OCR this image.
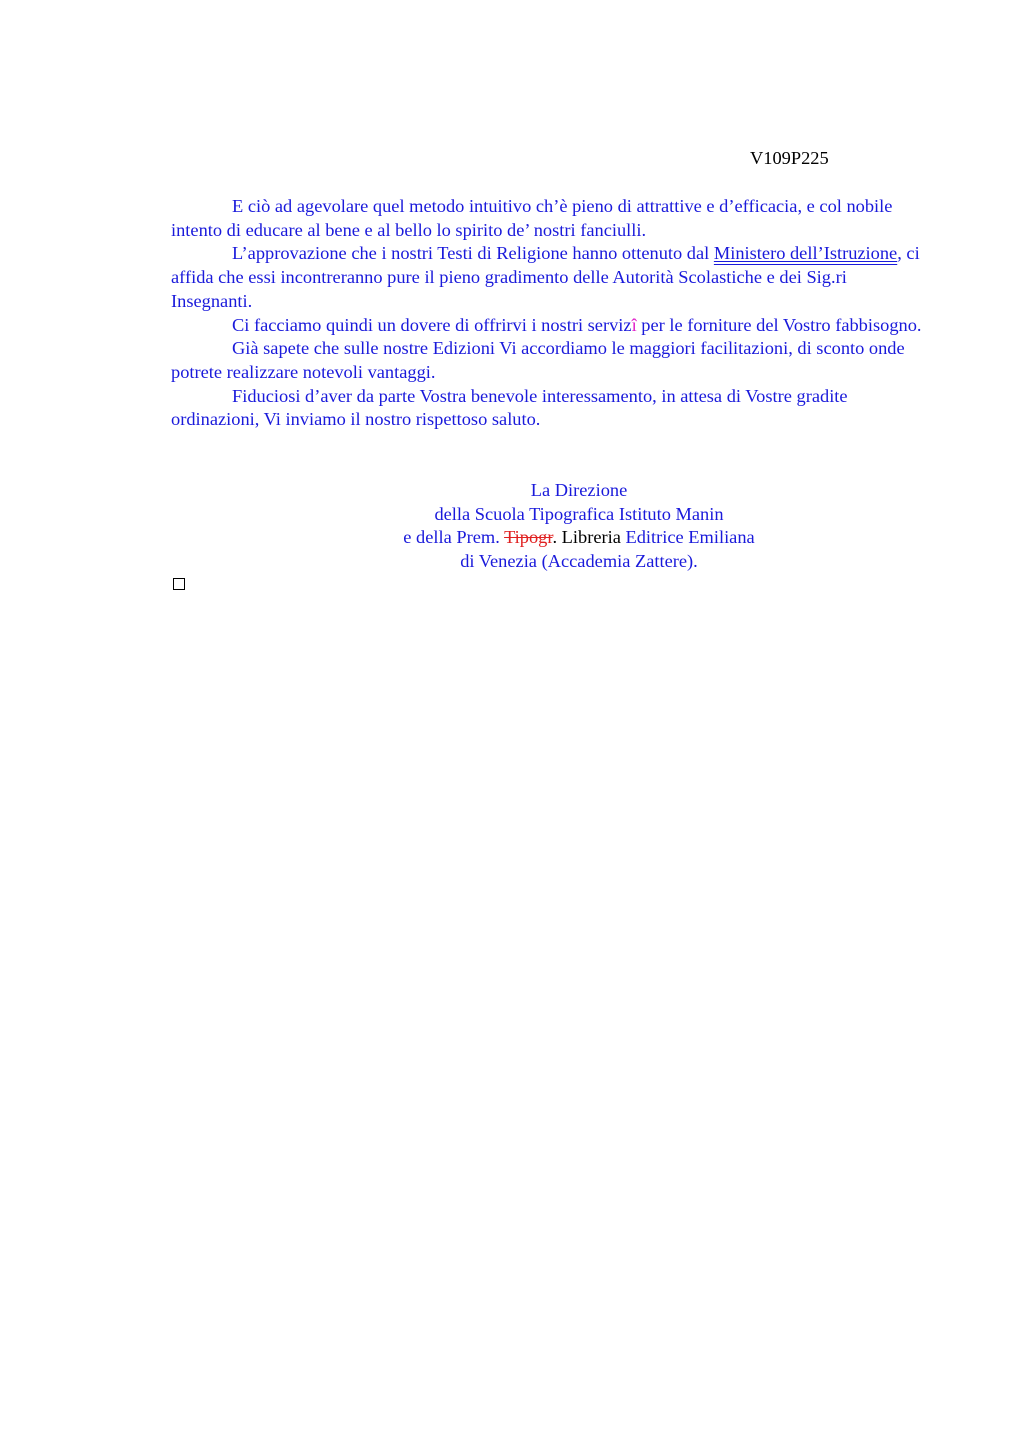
V109P225

E ciò ad agevolare quel metodo intuitivo ch’è pieno di attrattive e d’efficacia, e col nobile intento di educare al bene e al bello lo spirito de’ nostri fanciulli.

L’approvazione che i nostri Testi di Religione hanno ottenuto dal Ministero dell’Istruzione, ci affida che essi incontreranno pure il pieno gradimento delle Autorità Scolastiche e dei Sig.ri Insegnanti.

Ci facciamo quindi un dovere di offrirvi i nostri servizî per le forniture del Vostro fabbisogno.

Già sapete che sulle nostre Edizioni Vi accordiamo le maggiori facilitazioni, di sconto onde potrete realizzare notevoli vantaggi.

Fiduciosi d’aver da parte Vostra benevole interessamento, in attesa di Vostre gradite ordinazioni, Vi inviamo il nostro rispettoso saluto.

La Direzione
della Scuola Tipografica Istituto Manin
e della Prem. Tipogr. Libreria Editrice Emiliana
di Venezia (Accademia Zattere).
